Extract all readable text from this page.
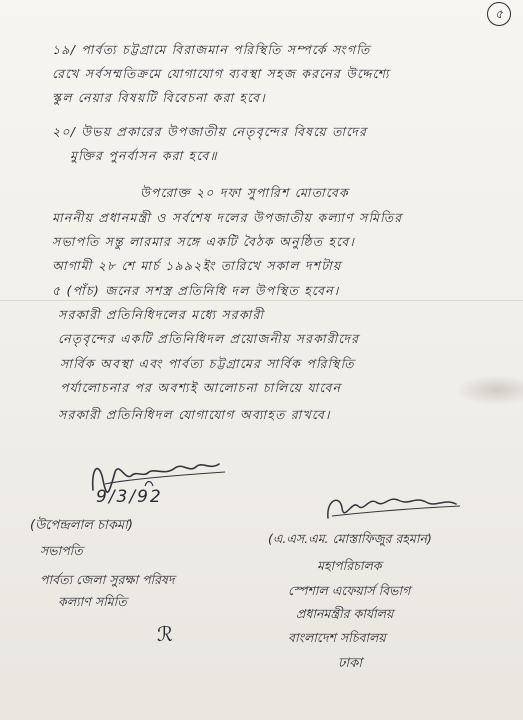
৫
১৯/ পার্বত্য চট্টগ্রামে বিরাজমান পরিস্থিতি সম্পর্কে সংগতি
রেখে সর্বসম্মতিক্রমে যোগাযোগ ব্যবস্থা সহজ করনের উদ্দেশ্যে
স্কুল নেয়ার বিষয়টি বিবেচনা করা হবে।
২০/ উভয় প্রকারের উপজাতীয় নেতৃবৃন্দের বিষয়ে তাদের
মুক্তির পুনর্বাসন করা হবে॥
উপরোক্ত ২০ দফা সুপারিশ মোতাবেক
মাননীয় প্রধানমন্ত্রী ও সর্বশেষ দলের উপজাতীয় কল্যাণ সমিতির
সভাপতি সন্তু লারমার সঙ্গে একটি বৈঠক অনুষ্ঠিত হবে।
আগামী ২৮ শে মার্চ ১৯৯২ইং তারিখে সকাল দশটায়
৫ (পাঁচ) জনের সশস্ত্র প্রতিনিধি দল উপস্থিত হবেন।
সরকারী প্রতিনিধিদলের মধ্যে সরকারী
নেতৃবৃন্দের একটি প্রতিনিধিদল প্রয়োজনীয় সরকারীদের
সার্বিক অবস্থা এবং পার্বত্য চট্টগ্রামের সার্বিক পরিস্থিতি
পর্যালোচনার পর অবশ্যই আলোচনা চালিয়ে যাবেন
সরকারী প্রতিনিধিদল যোগাযোগ অব্যাহত রাখবে।
9/3/92
(উপেন্দ্রলাল চাকমা)
সভাপতি
পার্বত্য জেলা সুরক্ষা পরিষদ
কল্যাণ সমিতি
ℛ
(এ.এস.এম. মোস্তাফিজুর রহমান)
মহাপরিচালক
স্পেশাল এফেয়ার্স বিভাগ
প্রধানমন্ত্রীর কার্যালয়
বাংলাদেশ সচিবালয়
ঢাকা
